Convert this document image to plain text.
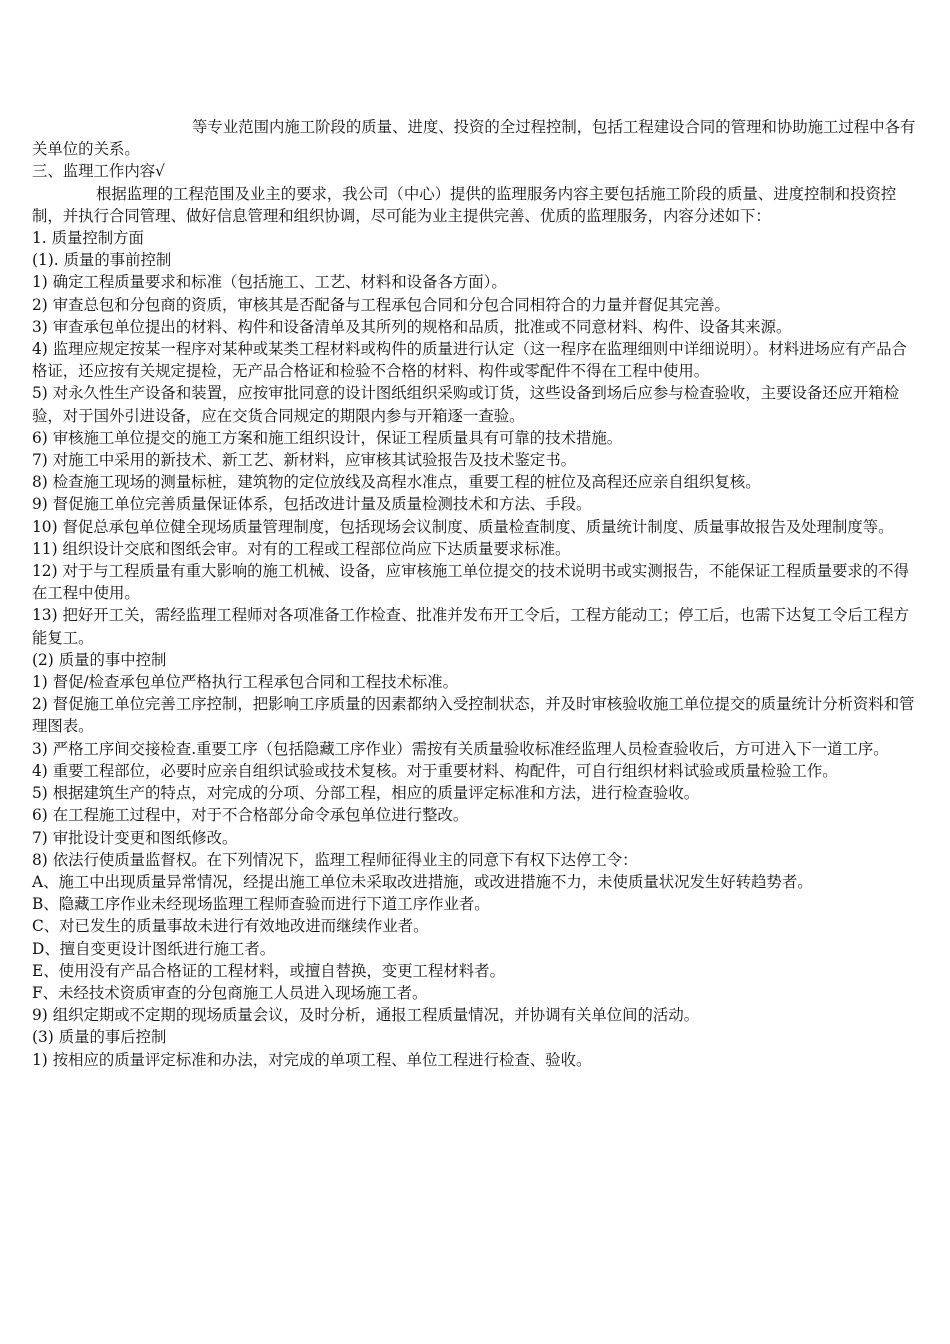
等专业范围内施工阶段的质量、进度、投资的全过程控制，包括工程建设合同的管理和协助施工过程中各有关单位的关系。

三、监理工作内容√

根据监理的工程范围及业主的要求，我公司（中心）提供的监理服务内容主要包括施工阶段的质量、进度控制和投资控制，并执行合同管理、做好信息管理和组织协调，尽可能为业主提供完善、优质的监理服务，内容分述如下：

1. 质量控制方面

(1). 质量的事前控制

1) 确定工程质量要求和标准（包括施工、工艺、材料和设备各方面）。

2) 审查总包和分包商的资质，审核其是否配备与工程承包合同和分包合同相符合的力量并督促其完善。

3) 审查承包单位提出的材料、构件和设备清单及其所列的规格和品质，批准或不同意材料、构件、设备其来源。

4) 监理应规定按某一程序对某种或某类工程材料或构件的质量进行认定（这一程序在监理细则中详细说明）。材料进场应有产品合格证，还应按有关规定提检，无产品合格证和检验不合格的材料、构件或零配件不得在工程中使用。

5) 对永久性生产设备和装置，应按审批同意的设计图纸组织采购或订货，这些设备到场后应参与检查验收，主要设备还应开箱检验，对于国外引进设备，应在交货合同规定的期限内参与开箱逐一查验。

6) 审核施工单位提交的施工方案和施工组织设计，保证工程质量具有可靠的技术措施。

7) 对施工中采用的新技术、新工艺、新材料，应审核其试验报告及技术鉴定书。

8) 检查施工现场的测量标桩，建筑物的定位放线及高程水准点，重要工程的桩位及高程还应亲自组织复核。

9) 督促施工单位完善质量保证体系，包括改进计量及质量检测技术和方法、手段。

10) 督促总承包单位健全现场质量管理制度，包括现场会议制度、质量检查制度、质量统计制度、质量事故报告及处理制度等。

11) 组织设计交底和图纸会审。对有的工程或工程部位尚应下达质量要求标准。

12) 对于与工程质量有重大影响的施工机械、设备，应审核施工单位提交的技术说明书或实测报告，不能保证工程质量要求的不得在工程中使用。

13) 把好开工关，需经监理工程师对各项准备工作检查、批准并发布开工令后，工程方能动工；停工后，也需下达复工令后工程方能复工。

(2) 质量的事中控制

1) 督促/检查承包单位严格执行工程承包合同和工程技术标准。

2) 督促施工单位完善工序控制，把影响工序质量的因素都纳入受控制状态，并及时审核验收施工单位提交的质量统计分析资料和管理图表。

3) 严格工序间交接检查.重要工序（包括隐藏工序作业）需按有关质量验收标准经监理人员检查验收后，方可进入下一道工序。

4) 重要工程部位，必要时应亲自组织试验或技术复核。对于重要材料、构配件，可自行组织材料试验或质量检验工作。

5) 根据建筑生产的特点，对完成的分项、分部工程，相应的质量评定标准和方法，进行检查验收。

6) 在工程施工过程中，对于不合格部分命令承包单位进行整改。

7) 审批设计变更和图纸修改。

8) 依法行使质量监督权。在下列情况下，监理工程师征得业主的同意下有权下达停工令：

A、施工中出现质量异常情况，经提出施工单位未采取改进措施，或改进措施不力，未使质量状况发生好转趋势者。

B、隐藏工序作业未经现场监理工程师查验而进行下道工序作业者。

C、对已发生的质量事故未进行有效地改进而继续作业者。

D、擅自变更设计图纸进行施工者。

E、使用没有产品合格证的工程材料，或擅自替换，变更工程材料者。

F、未经技术资质审查的分包商施工人员进入现场施工者。

9) 组织定期或不定期的现场质量会议，及时分析，通报工程质量情况，并协调有关单位间的活动。

(3) 质量的事后控制

1) 按相应的质量评定标准和办法，对完成的单项工程、单位工程进行检查、验收。
